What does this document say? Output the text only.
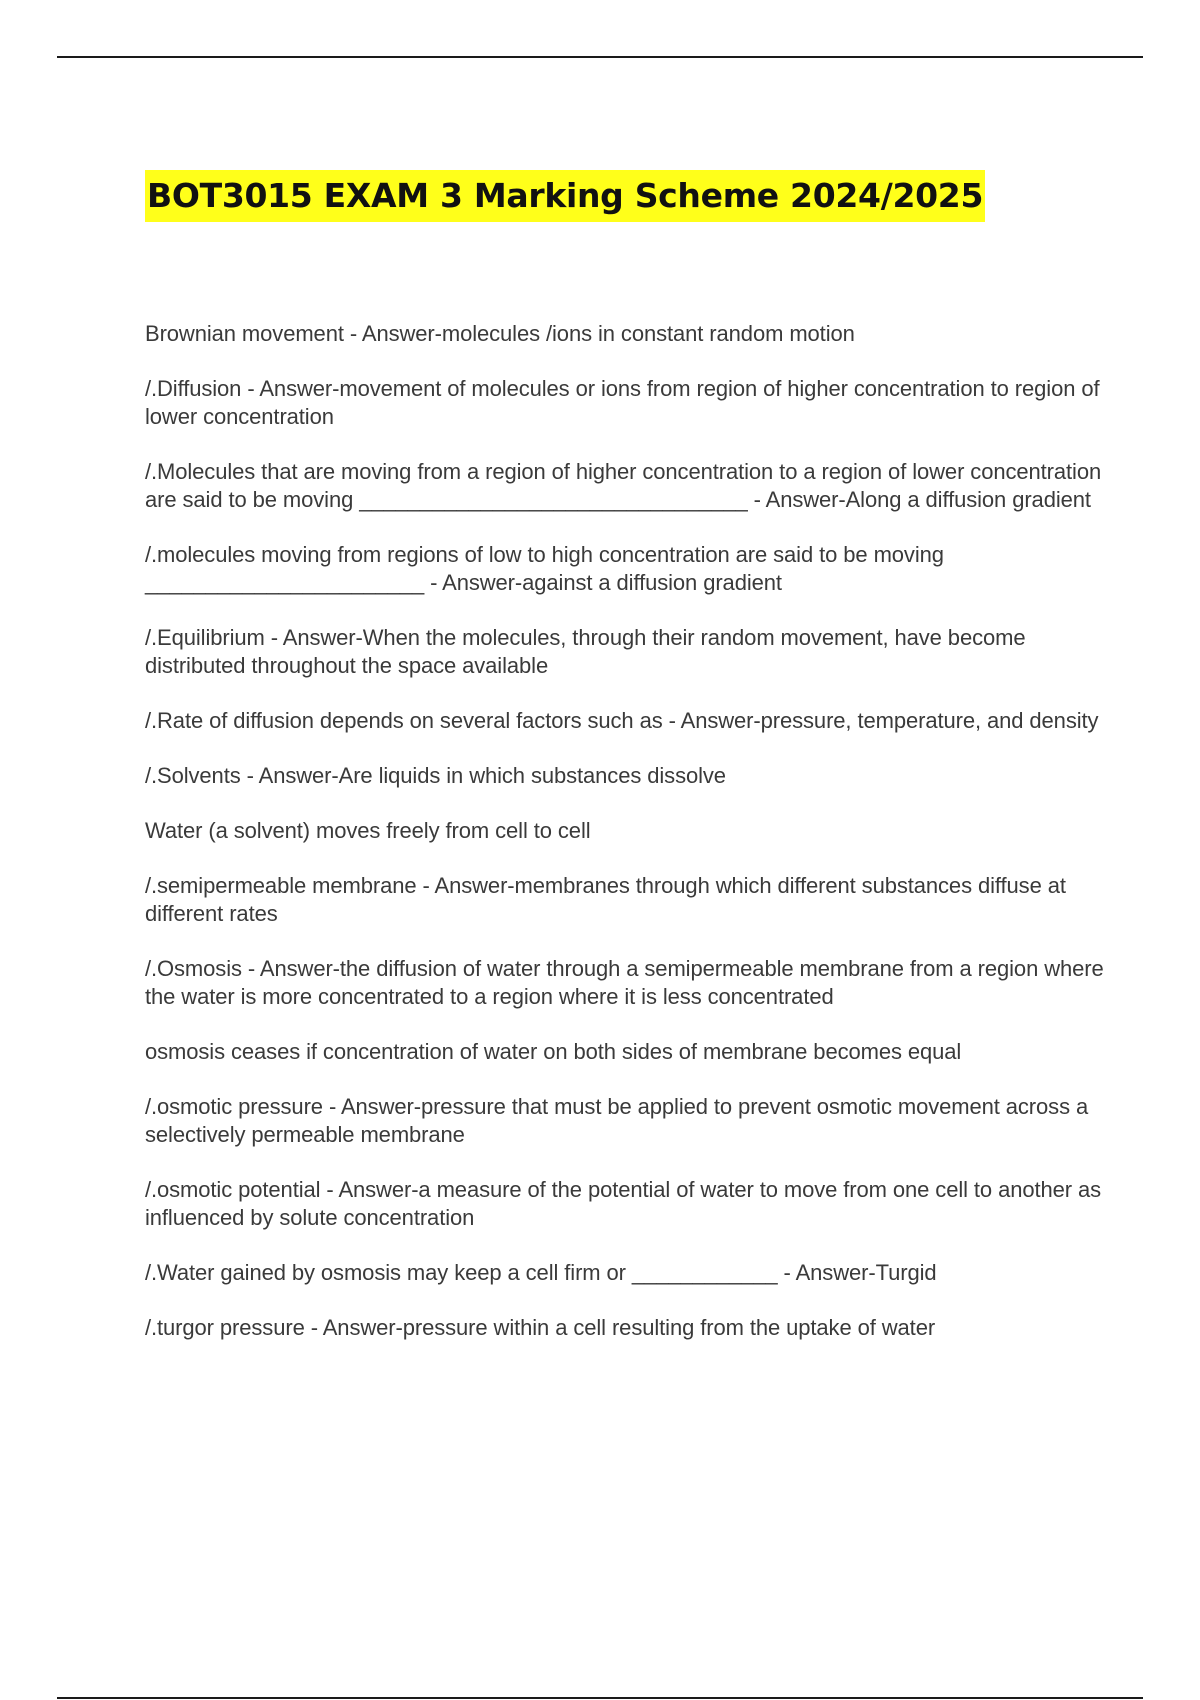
BOT3015 EXAM 3 Marking Scheme 2024/2025

Brownian movement - Answer-molecules /ions in constant random motion

/.Diffusion - Answer-movement of molecules or ions from region of higher concentration to region of lower concentration

/.Molecules that are moving from a region of higher concentration to a region of lower concentration are said to be moving ________________________________ - Answer-Along a diffusion gradient

/.molecules moving from regions of low to high concentration are said to be moving _______________________ - Answer-against a diffusion gradient

/.Equilibrium - Answer-When the molecules, through their random movement, have become distributed throughout the space available

/.Rate of diffusion depends on several factors such as - Answer-pressure, temperature, and density

/.Solvents - Answer-Are liquids in which substances dissolve

Water (a solvent) moves freely from cell to cell

/.semipermeable membrane - Answer-membranes through which different substances diffuse at different rates

/.Osmosis - Answer-the diffusion of water through a semipermeable membrane from a region where the water is more concentrated to a region where it is less concentrated

osmosis ceases if concentration of water on both sides of membrane becomes equal

/.osmotic pressure - Answer-pressure that must be applied to prevent osmotic movement across a selectively permeable membrane

/.osmotic potential - Answer-a measure of the potential of water to move from one cell to another as influenced by solute concentration

/.Water gained by osmosis may keep a cell firm or ____________ - Answer-Turgid

/.turgor pressure - Answer-pressure within a cell resulting from the uptake of water
